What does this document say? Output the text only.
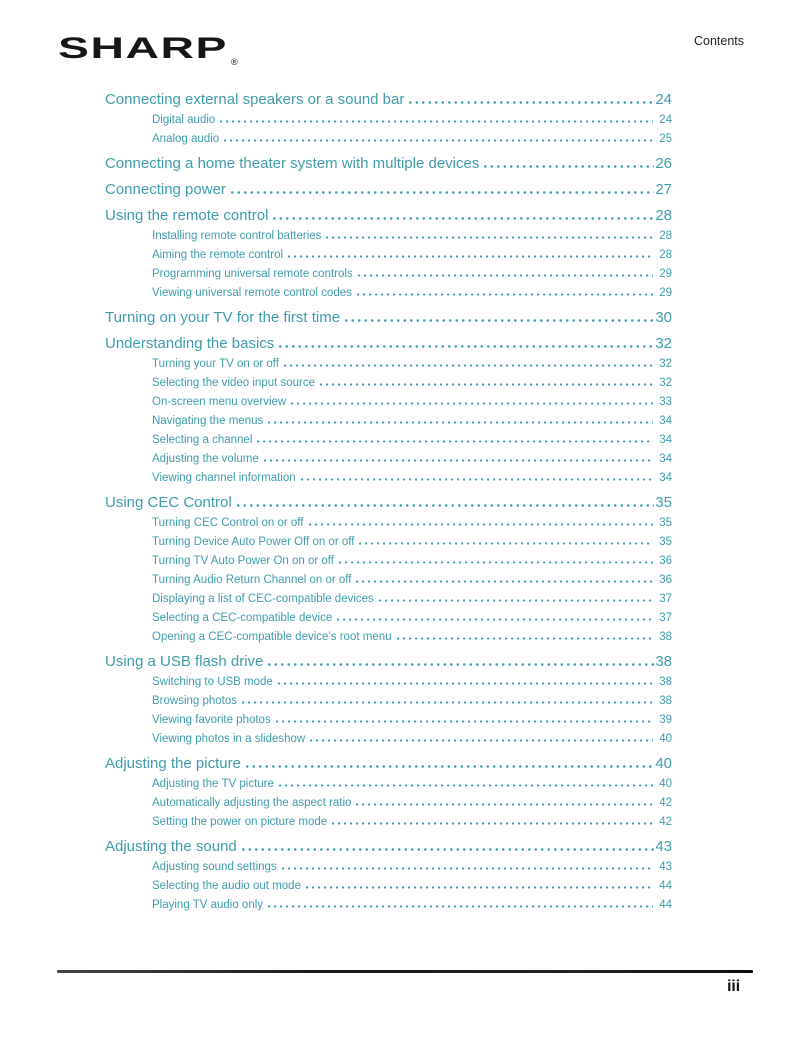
SHARP ®
Contents
Connecting external speakers or a sound bar	24
Digital audio	24
Analog audio	25
Connecting a home theater system with multiple devices	26
Connecting power	27
Using the remote control	28
Installing remote control batteries	28
Aiming the remote control	28
Programming universal remote controls	29
Viewing universal remote control codes	29
Turning on your TV for the first time	30
Understanding the basics	32
Turning your TV on or off	32
Selecting the video input source	32
On-screen menu overview	33
Navigating the menus	34
Selecting a channel	34
Adjusting the volume	34
Viewing channel information	34
Using CEC Control	35
Turning CEC Control on or off	35
Turning Device Auto Power Off on or off	35
Turning TV Auto Power On on or off	36
Turning Audio Return Channel on or off	36
Displaying a list of CEC-compatible devices	37
Selecting a CEC-compatible device	37
Opening a CEC-compatible device’s root menu	38
Using a USB flash drive	38
Switching to USB mode	38
Browsing photos	38
Viewing favorite photos	39
Viewing photos in a slideshow	40
Adjusting the picture	40
Adjusting the TV picture	40
Automatically adjusting the aspect ratio	42
Setting the power on picture mode	42
Adjusting the sound	43
Adjusting sound settings	43
Selecting the audio out mode	44
Playing TV audio only	44
iii
